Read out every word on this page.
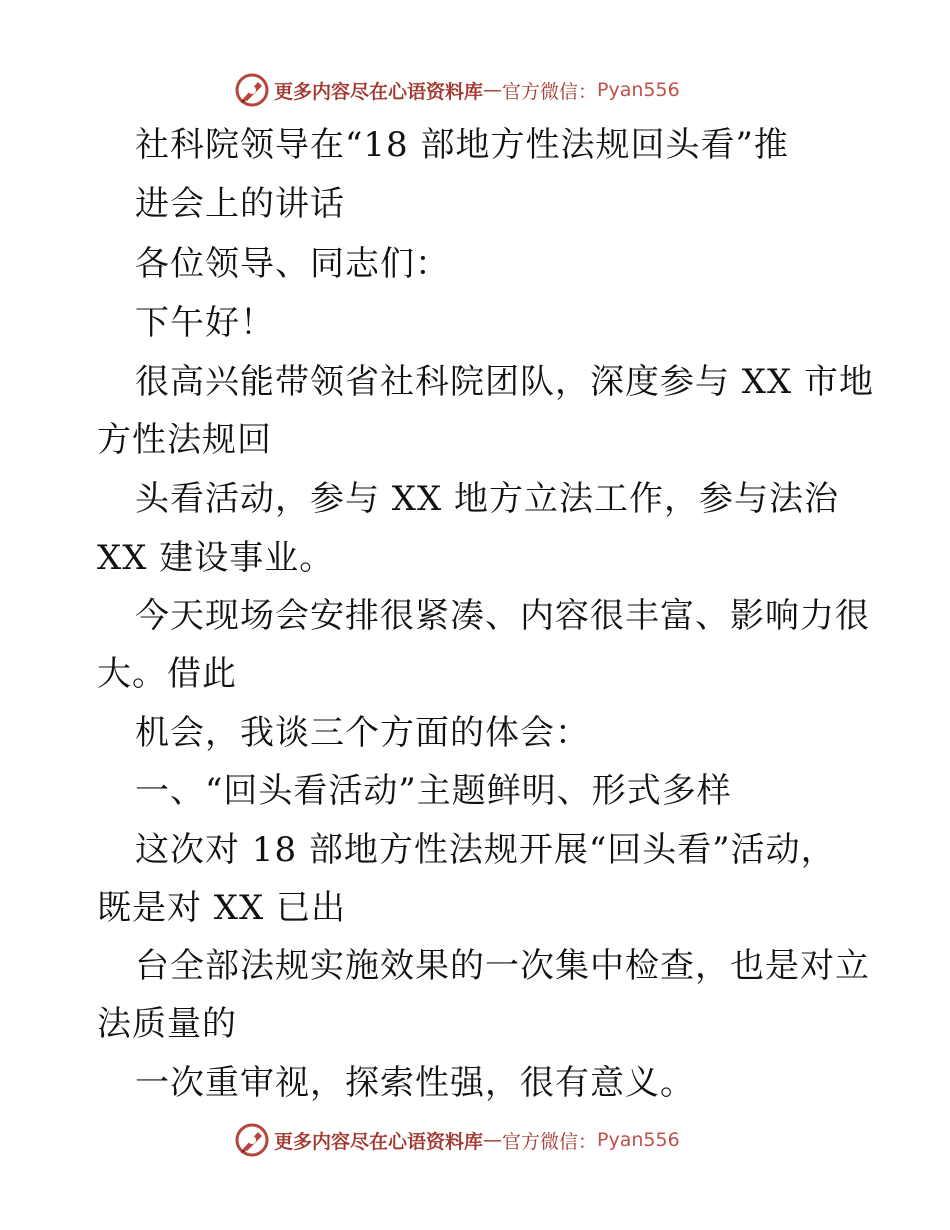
更多内容尽在心语资料库 — 官方微信： Pyan556
社科院领导在“18 部地方性法规回头看”推
进会上的讲话
各位领导、同志们：
下午好！
很高兴能带领省社科院团队，深度参与 XX 市地
方性法规回
头看活动，参与 XX 地方立法工作，参与法治
XX 建设事业。
今天现场会安排很紧凑、内容很丰富、影响力很
大。借此
机会，我谈三个方面的体会：
一、“回头看活动”主题鲜明、形式多样
这次对 18 部地方性法规开展“回头看”活动，
既是对 XX 已出
台全部法规实施效果的一次集中检查，也是对立
法质量的
一次重审视，探索性强，很有意义。
更多内容尽在心语资料库 — 官方微信： Pyan556
